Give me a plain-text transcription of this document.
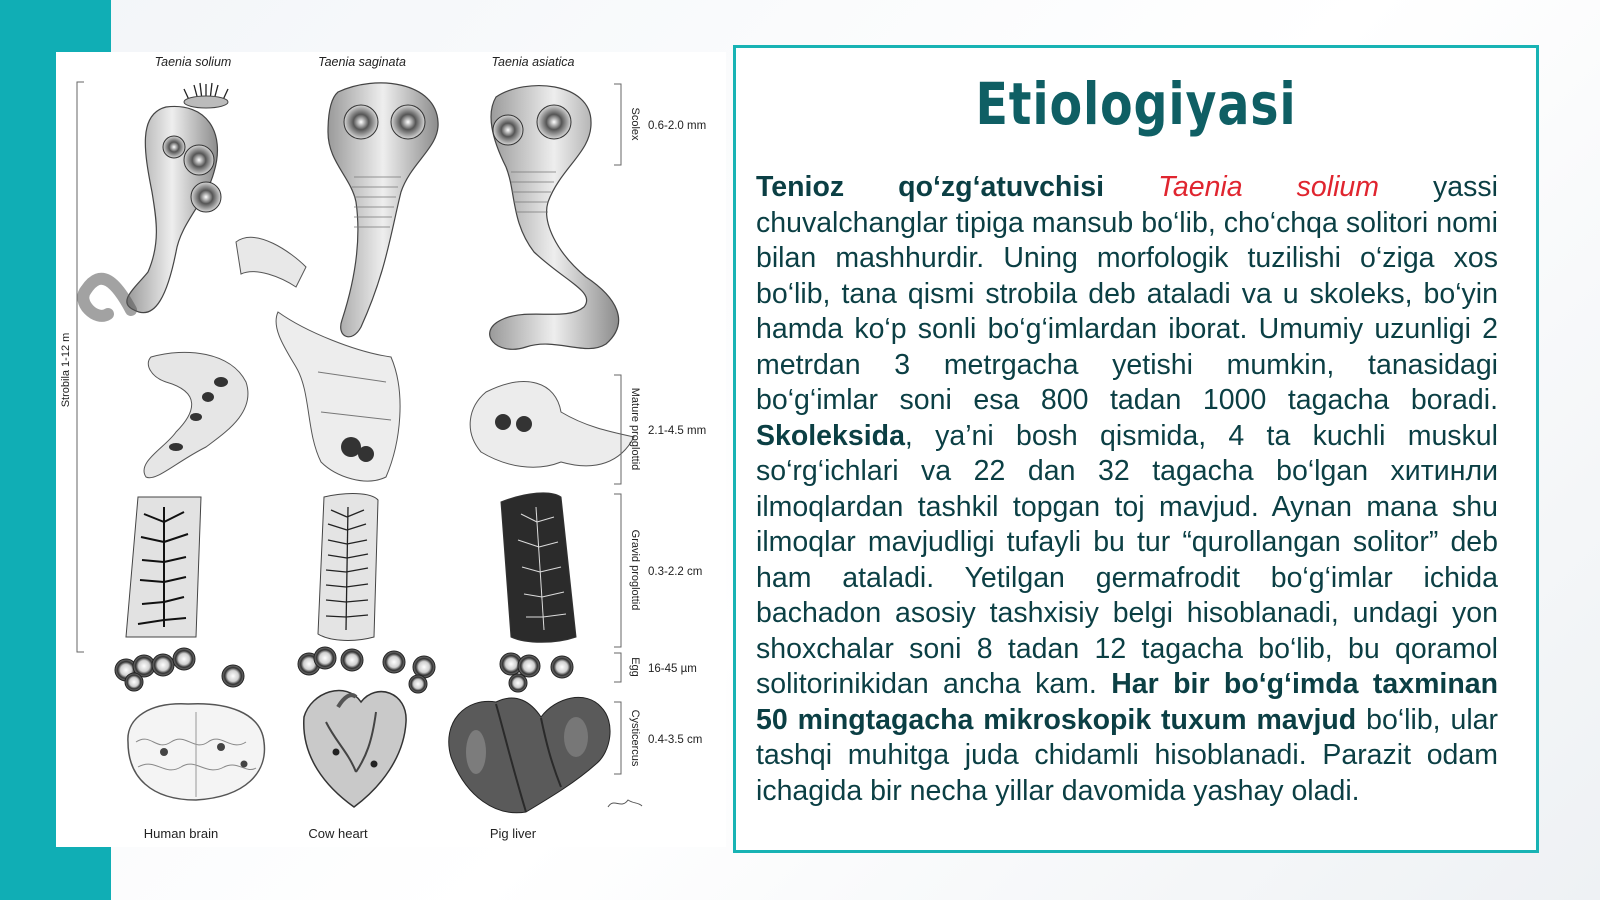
Taenia solium	Taenia saginata	Taenia asiatica
Strobila 1-12 m
Human brain	Cow heart	Pig liver
Scolex
Mature proglottid
Gravid proglottid
Egg
Cysticercus
0.6-2.0 mm
2.1-4.5 mm
0.3-2.2 cm
16-45 µm
0.4-3.5 cm
Etiologiyasi

Tenioz qo‘zg‘atuvchisi Taenia solium yassi chuvalchanglar tipiga mansub bo‘lib, cho‘chqa solitori nomi bilan mashhurdir. Uning morfologik tuzilishi o‘ziga xos bo‘lib, tana qismi strobila deb ataladi va u skoleks, bo‘yin hamda ko‘p sonli bo‘g‘imlardan iborat. Umumiy uzunligi 2 metrdan 3 metrgacha yetishi mumkin, tanasidagi bo‘g‘imlar soni esa 800 tadan 1000 tagacha boradi. Skoleksida, ya’ni bosh qismida, 4 ta kuchli muskul so‘rg‘ichlari va 22 dan 32 tagacha bo‘lgan хитинли ilmoqlardan tashkil topgan toj mavjud. Aynan mana shu ilmoqlar mavjudligi tufayli bu tur “qurollangan solitor” deb ham ataladi. Yetilgan germafrodit bo‘g‘imlar ichida bachadon asosiy tashxisiy belgi hisoblanadi, undagi yon shoxchalar soni 8 tadan 12 tagacha bo‘lib, bu qoramol solitorinikidan ancha kam. Har bir bo‘g‘imda taxminan 50 mingtagacha mikroskopik tuxum mavjud bo‘lib, ular tashqi muhitga juda chidamli hisoblanadi. Parazit odam ichagida bir necha yillar davomida yashay oladi.
